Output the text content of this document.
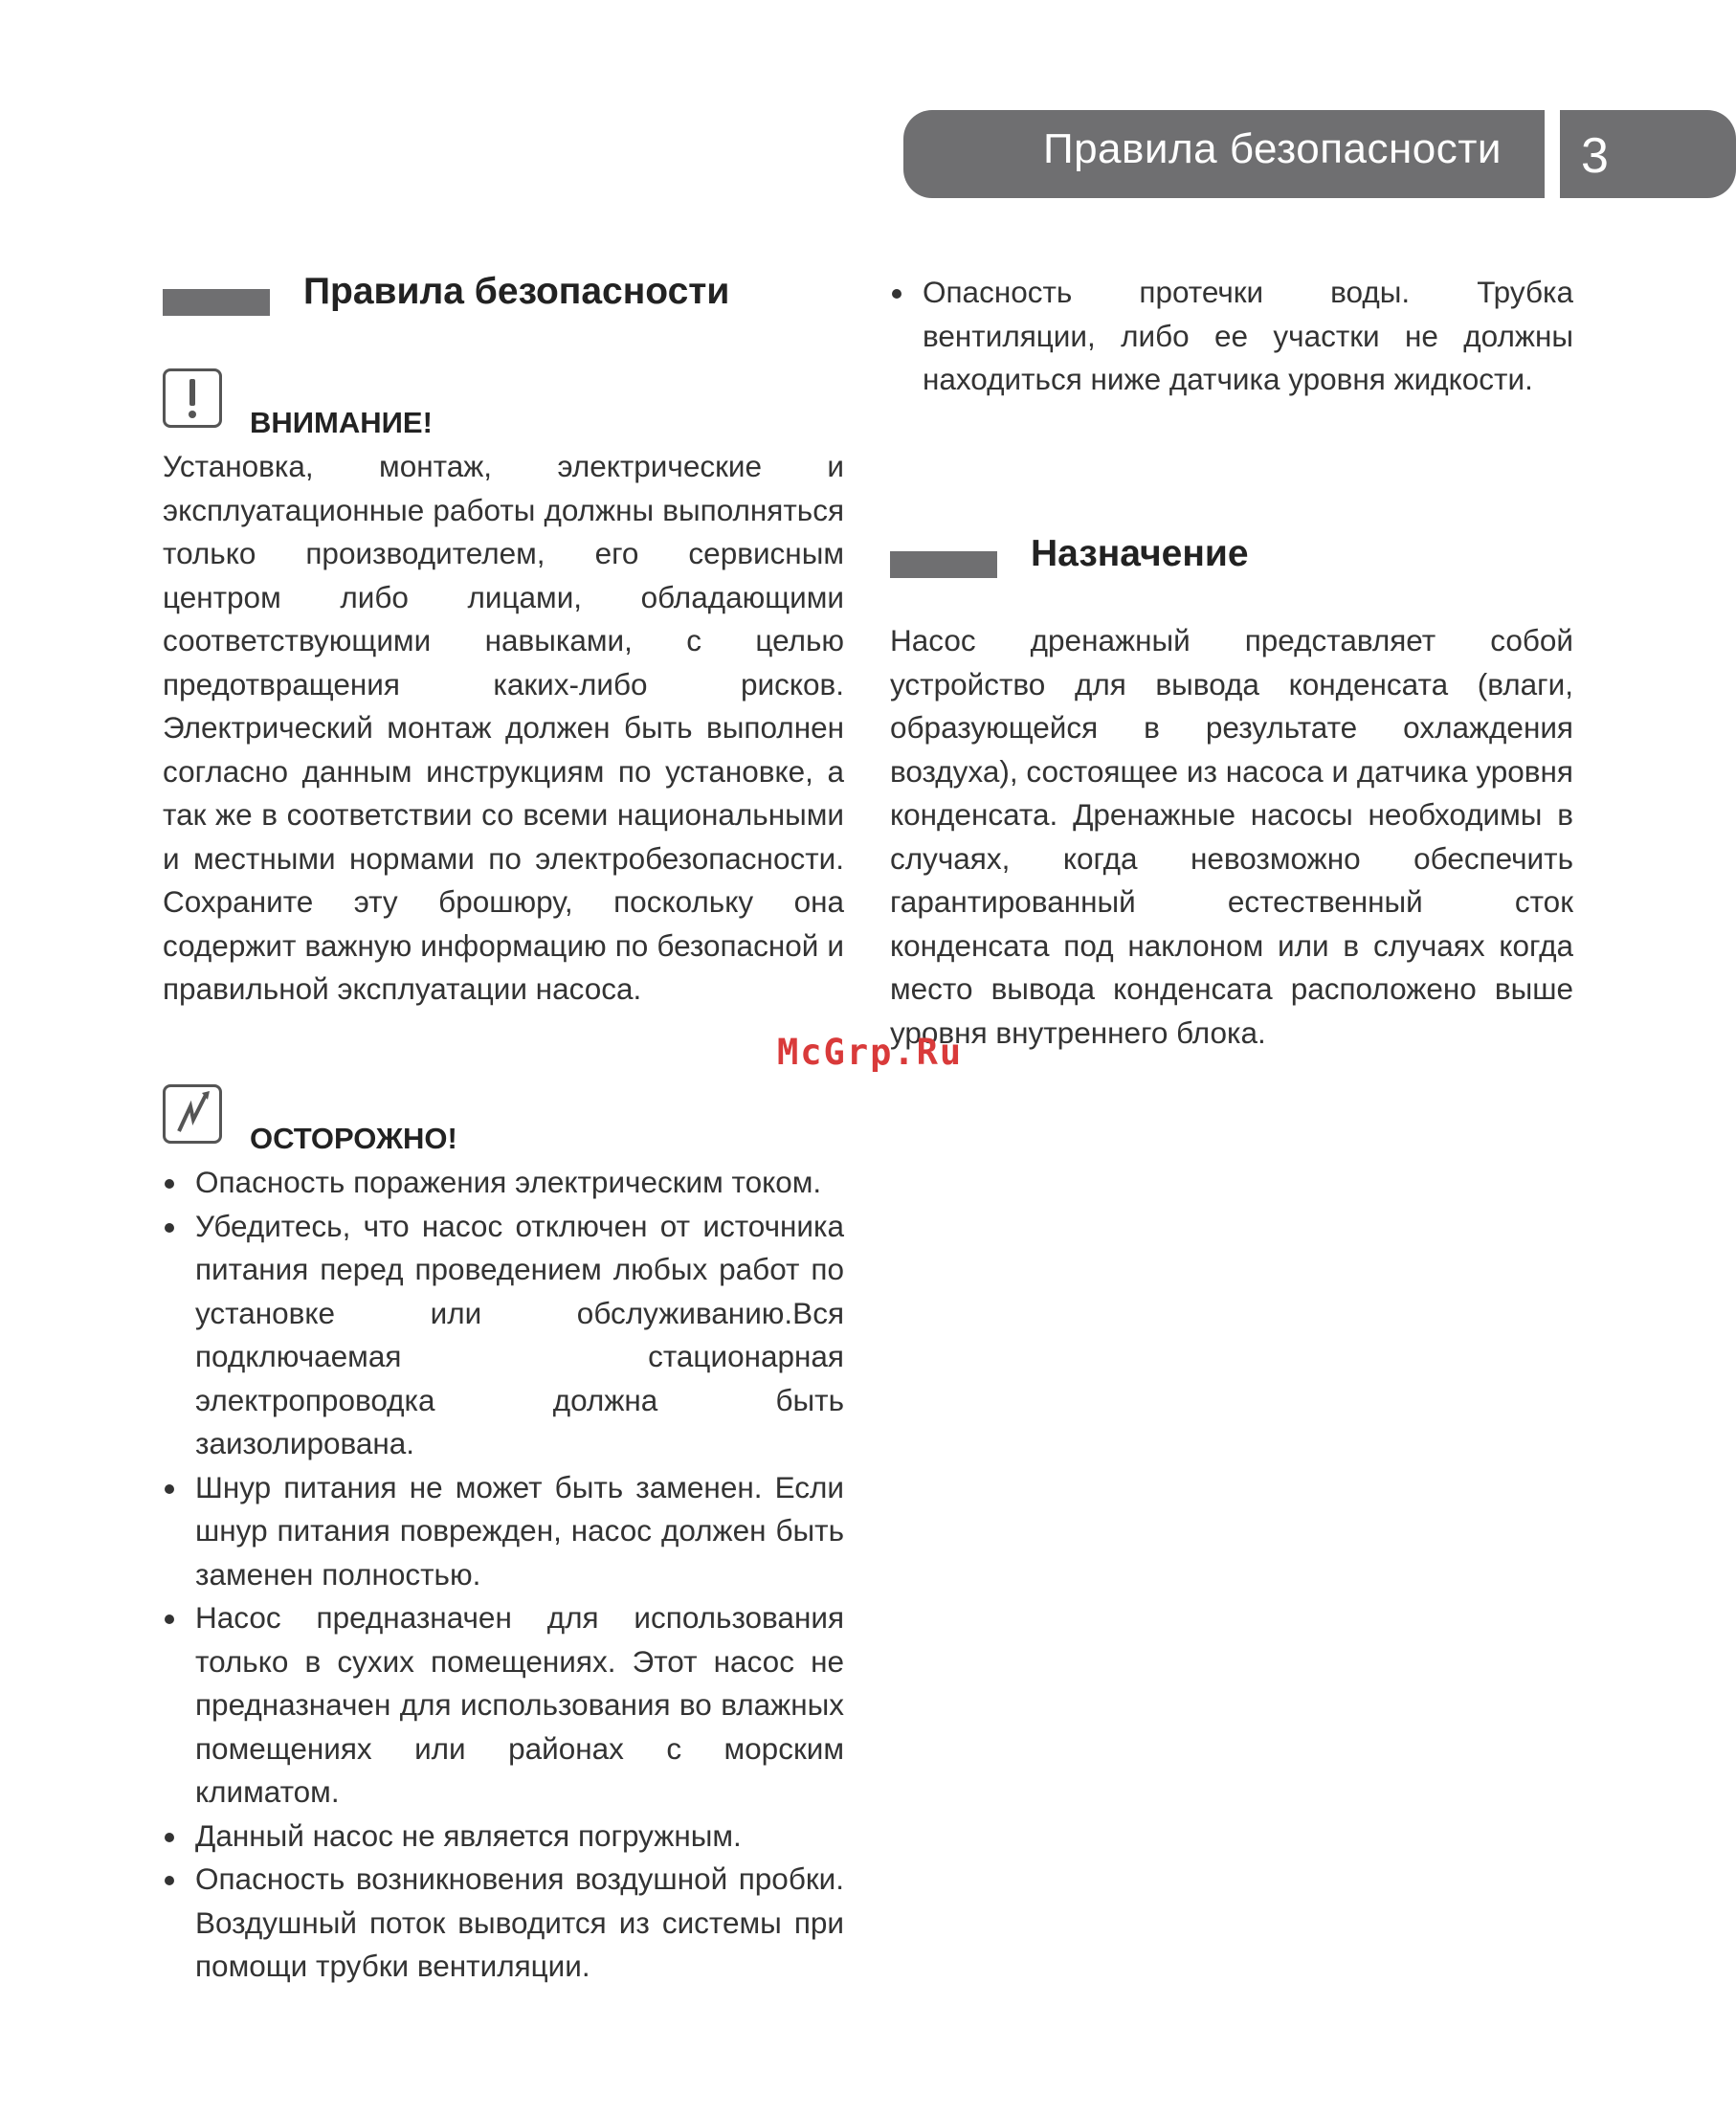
Правила безопасности 3
Правила безопасности
ВНИМАНИЕ!

Установка, монтаж, электрические и эксплуатационные работы должны выполняться только производителем, его сервисным центром либо лицами, обладающими соответствующими навыками, с целью предотвращения каких-либо рисков. Электрический монтаж должен быть выполнен согласно данным инструкциям по установке, а так же в соответствии со всеми национальными и местными нормами по электробезопасности. Сохраните эту брошюру, поскольку она содержит важную информацию по безопасной и правильной эксплуатации насоса.

ОСТОРОЖНО!
Опасность поражения электрическим током.
Убедитесь, что насос отключен от источника питания перед проведением любых работ по установке или обслуживанию.Вся подключаемая стационарная электропроводка должна быть заизолирована.
Шнур питания не может быть заменен. Если шнур питания поврежден, насос должен быть заменен полностью.
Насос предназначен для использования только в сухих помещениях. Этот насос не предназначен для использования во влажных помещениях или районах с морским климатом.
Данный насос не является погружным.
Опасность возникновения воздушной пробки. Воздушный поток выводится из системы при помощи трубки вентиляции.
Опасность протечки воды. Трубка вентиляции, либо ее участки не должны находиться ниже датчика уровня жидкости.
Назначение

Насос дренажный представляет собой устройство для вывода конденсата (влаги, образующейся в результате охлаждения воздуха), состоящее из насоса и датчика уровня конденсата. Дренажные насосы необходимы в случаях, когда невозможно обеспечить гарантированный естественный сток конденсата под наклоном или в случаях когда место вывода конденсата расположено выше уровня внутреннего блока.

McGrp.Ru
